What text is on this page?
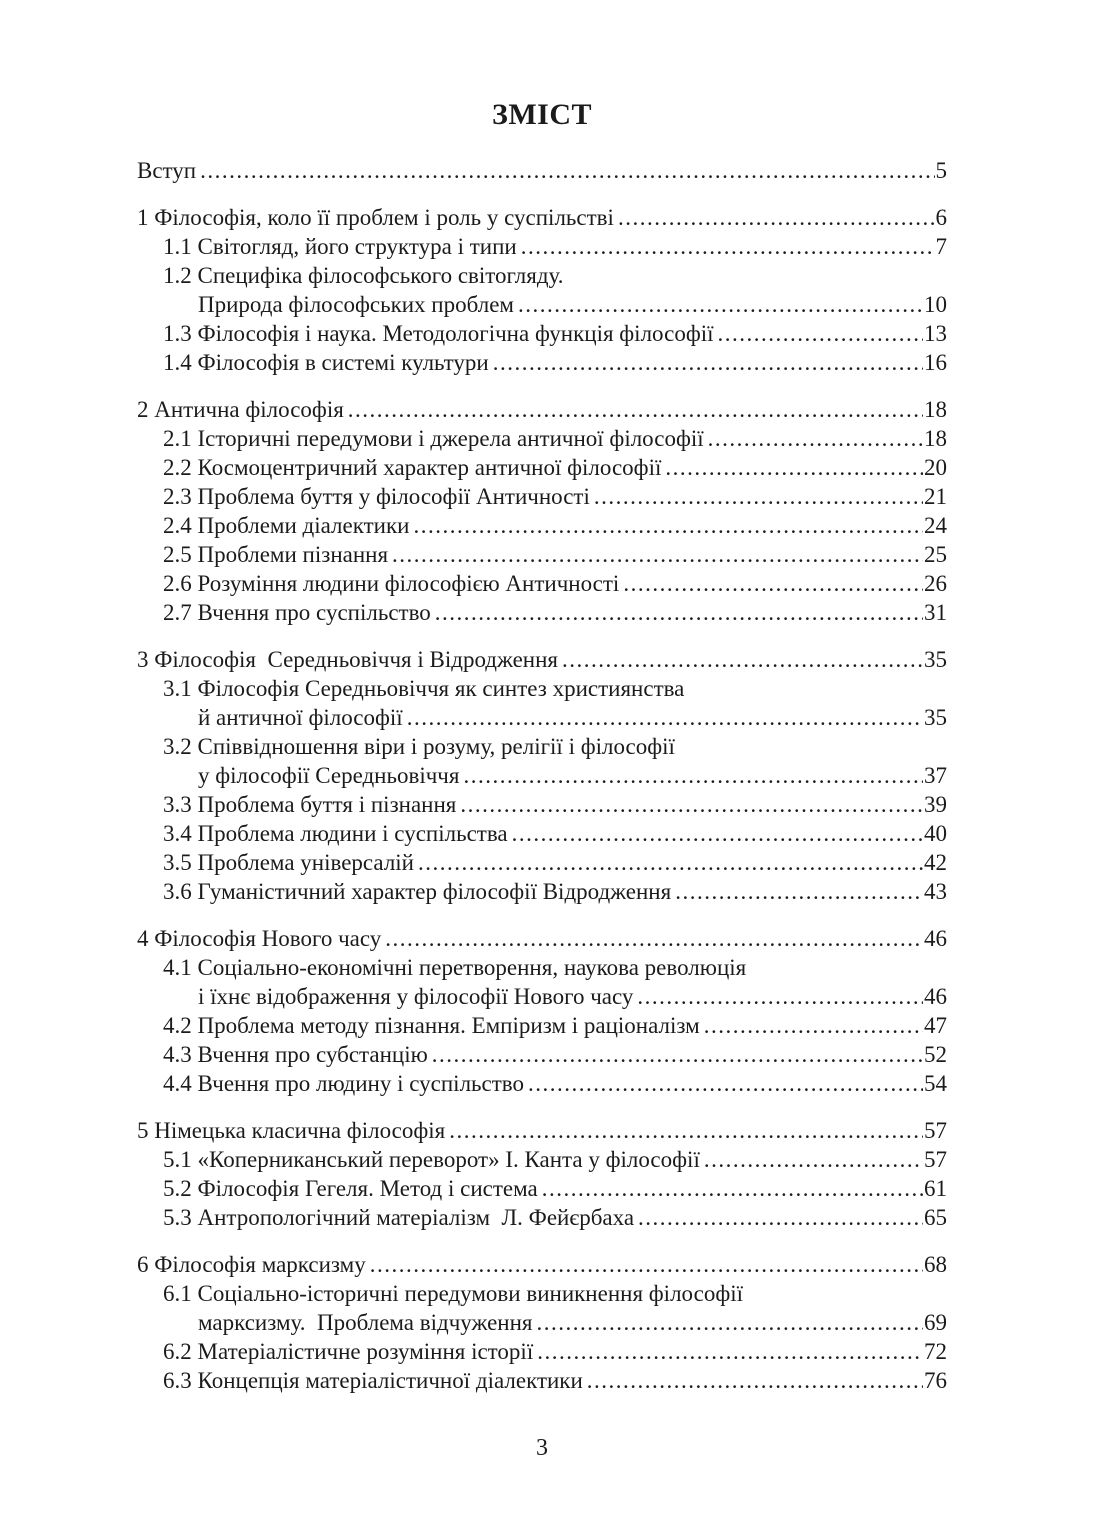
ЗМІСТ
Вступ .....	5
1 Філософія, коло її проблем і роль у суспільстві .....	6
1.1 Світогляд, його структура і типи .....	7
1.2 Специфіка філософського світогляду.
Природа філософських проблем .....	10
1.3 Філософія і наука. Методологічна функція філософії .....	13
1.4 Філософія в системі культури .....	16
2 Антична філософія .....	18
2.1 Історичні передумови і джерела античної філософії .....	18
2.2 Космоцентричний характер античної філософії .....	20
2.3 Проблема буття у філософії Античності .....	21
2.4 Проблеми діалектики .....	24
2.5 Проблеми пізнання .....	25
2.6 Розуміння людини філософією Античності .....	26
2.7 Вчення про суспільство .....	31
3 Філософія  Середньовіччя і Відродження .....	35
3.1 Філософія Середньовіччя як синтез християнства
й античної філософії .....	35
3.2 Співвідношення віри і розуму, релігії і філософії
у філософії Середньовіччя .....	37
3.3 Проблема буття і пізнання .....	39
3.4 Проблема людини і суспільства .....	40
3.5 Проблема універсалій .....	42
3.6 Гуманістичний характер філософії Відродження .....	43
4 Філософія Нового часу .....	46
4.1 Соціально-економічні перетворення, наукова революція
і їхнє відображення у філософії Нового часу .....	46
4.2 Проблема методу пізнання. Емпіризм і раціоналізм .....	47
4.3 Вчення про субстанцію .....	52
4.4 Вчення про людину і суспільство .....	54
5 Німецька класична філософія .....	57
5.1 «Коперниканський переворот» І. Канта у філософії .....	57
5.2 Філософія Гегеля. Метод і система .....	61
5.3 Антропологічний матеріалізм  Л. Фейєрбаха .....	65
6 Філософія марксизму .....	68
6.1 Соціально-історичні передумови виникнення філософії
марксизму.  Проблема відчуження .....	69
6.2 Матеріалістичне розуміння історії .....	72
6.3 Концепція матеріалістичної діалектики .....	76
3
